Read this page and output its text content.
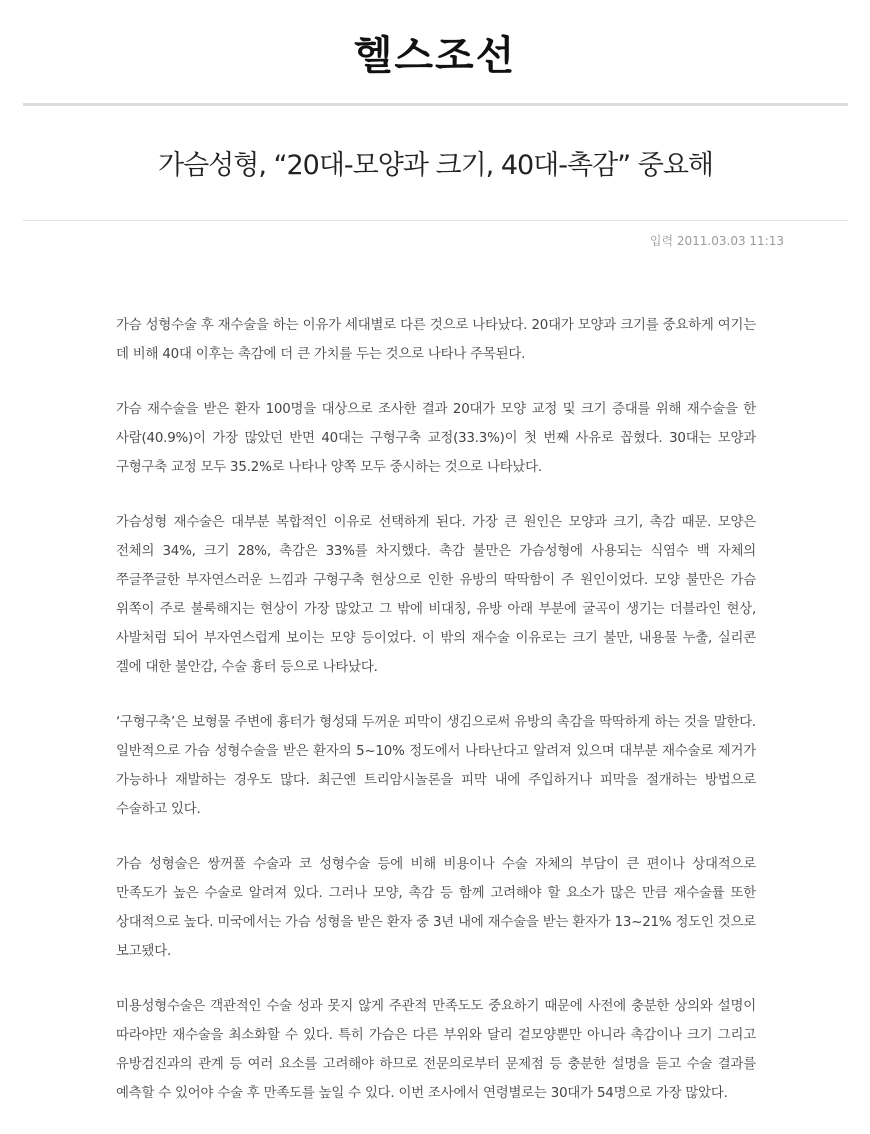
헬스조선
가슴성형, “20대-모양과 크기, 40대-촉감” 중요해
입력 2011.03.03 11:13

가슴 성형수술 후 재수술을 하는 이유가 세대별로 다른 것으로 나타났다. 20대가 모양과 크기를 중요하게 여기는 데 비해 40대 이후는 촉감에 더 큰 가치를 두는 것으로 나타나 주목된다.

가슴 재수술을 받은 환자 100명을 대상으로 조사한 결과 20대가 모양 교정 및 크기 증대를 위해 재수술을 한 사람(40.9%)이 가장 많았던 반면 40대는 구형구축 교정(33.3%)이 첫 번째 사유로 꼽혔다. 30대는 모양과 구형구축 교정 모두 35.2%로 나타나 양쪽 모두 중시하는 것으로 나타났다.

가슴성형 재수술은 대부분 복합적인 이유로 선택하게 된다. 가장 큰 원인은 모양과 크기, 촉감 때문. 모양은 전체의 34%, 크기 28%, 촉감은 33%를 차지했다. 촉감 불만은 가슴성형에 사용되는 식염수 백 자체의 쭈글쭈글한 부자연스러운 느낌과 구형구축 현상으로 인한 유방의 딱딱함이 주 원인이었다. 모양 불만은 가슴 위쪽이 주로 불룩해지는 현상이 가장 많았고 그 밖에 비대칭, 유방 아래 부분에 굴곡이 생기는 더블라인 현상, 사발처럼 되어 부자연스럽게 보이는 모양 등이었다. 이 밖의 재수술 이유로는 크기 불만, 내용물 누출, 실리콘 겔에 대한 불안감, 수술 흉터 등으로 나타났다.

‘구형구축’은 보형물 주변에 흉터가 형성돼 두꺼운 피막이 생김으로써 유방의 촉감을 딱딱하게 하는 것을 말한다. 일반적으로 가슴 성형수술을 받은 환자의 5~10% 정도에서 나타난다고 알려져 있으며 대부분 재수술로 제거가 가능하나 재발하는 경우도 많다. 최근엔 트리암시놀론을 피막 내에 주입하거나 피막을 절개하는 방법으로 수술하고 있다.

가슴 성형술은 쌍꺼풀 수술과 코 성형수술 등에 비해 비용이나 수술 자체의 부담이 큰 편이나 상대적으로 만족도가 높은 수술로 알려져 있다. 그러나 모양, 촉감 등 함께 고려해야 할 요소가 많은 만큼 재수술률 또한 상대적으로 높다. 미국에서는 가슴 성형을 받은 환자 중 3년 내에 재수술을 받는 환자가 13~21% 정도인 것으로 보고됐다.

미용성형수술은 객관적인 수술 성과 못지 않게 주관적 만족도도 중요하기 때문에 사전에 충분한 상의와 설명이 따라야만 재수술을 최소화할 수 있다. 특히 가슴은 다른 부위와 달리 겉모양뿐만 아니라 촉감이나 크기 그리고 유방검진과의 관계 등 여러 요소를 고려해야 하므로 전문의로부터 문제점 등 충분한 설명을 듣고 수술 결과를 예측할 수 있어야 수술 후 만족도를 높일 수 있다. 이번 조사에서 연령별로는 30대가 54명으로 가장 많았다.
